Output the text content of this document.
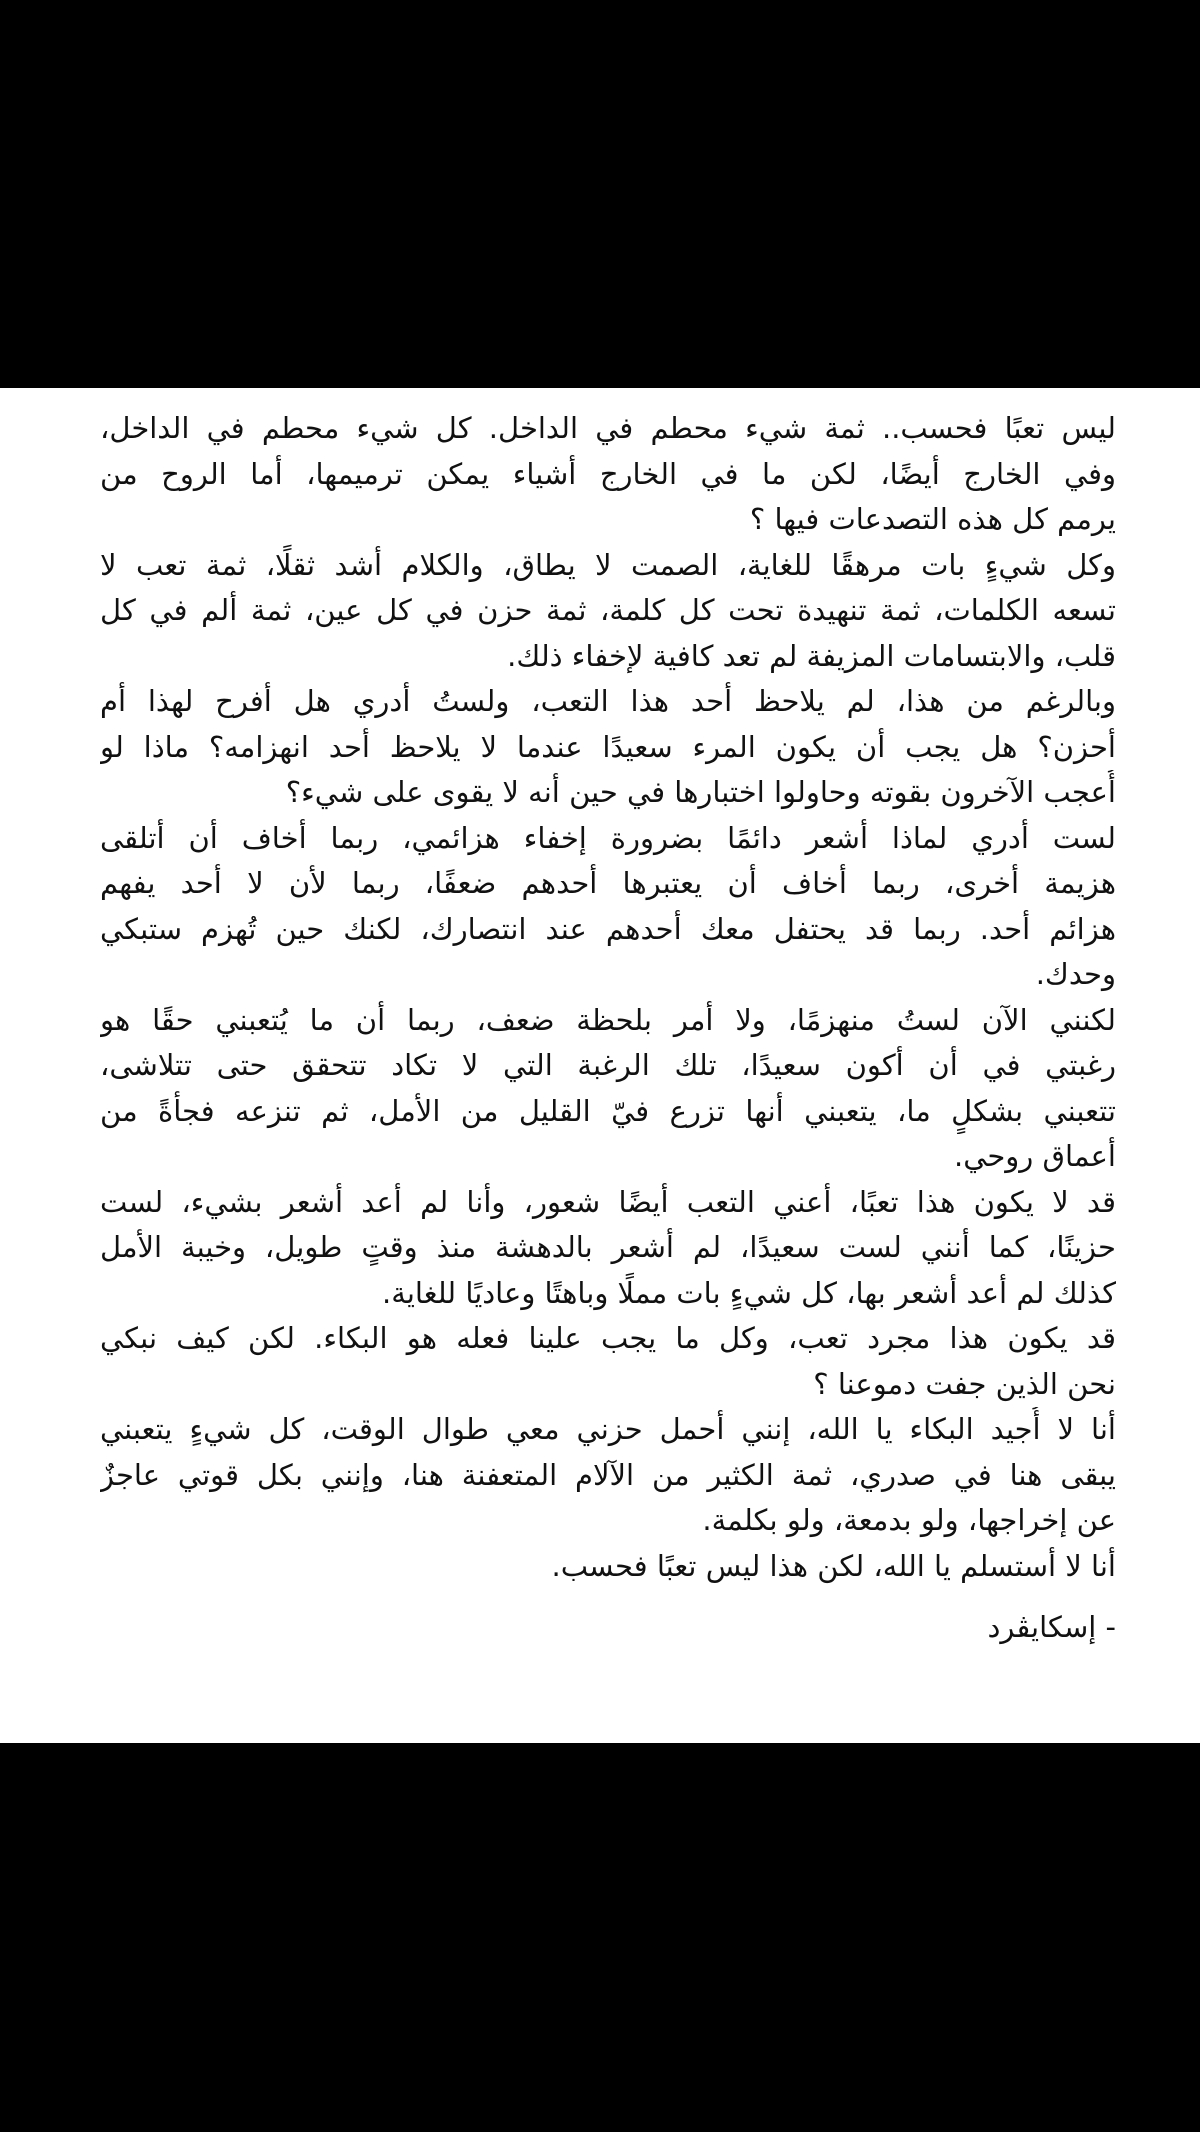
ليس تعبًا فحسب.. ثمة شيء محطم في الداخل. كل شيء محطم في الداخل،
وفي الخارج أيضًا، لكن ما في الخارج أشياء يمكن ترميمها، أما الروح من
يرمم كل هذه التصدعات فيها ؟
وكل شيءٍ بات مرهقًا للغاية، الصمت لا يطاق، والكلام أشد ثقلًا، ثمة تعب لا
تسعه الكلمات، ثمة تنهيدة تحت كل كلمة، ثمة حزن في كل عين، ثمة ألم في كل
قلب، والابتسامات المزيفة لم تعد كافية لإخفاء ذلك.
وبالرغم من هذا، لم يلاحظ أحد هذا التعب، ولستُ أدري هل أفرح لهذا أم
أحزن؟ هل يجب أن يكون المرء سعيدًا عندما لا يلاحظ أحد انهزامه؟ ماذا لو
أُعجب الآخرون بقوته وحاولوا اختبارها في حين أنه لا يقوى على شيء؟
لست أدري لماذا أشعر دائمًا بضرورة إخفاء هزائمي، ربما أخاف أن أتلقى
هزيمة أخرى، ربما أخاف أن يعتبرها أحدهم ضعفًا، ربما لأن لا أحد يفهم
هزائم أحد. ربما قد يحتفل معك أحدهم عند انتصارك، لكنك حين تُهزم ستبكي
وحدك.
لكنني الآن لستُ منهزمًا، ولا أمر بلحظة ضعف، ربما أن ما يُتعبني حقًا هو
رغبتي في أن أكون سعيدًا، تلك الرغبة التي لا تكاد تتحقق حتى تتلاشى،
تتعبني بشكلٍ ما، يتعبني أنها تزرع فيّ القليل من الأمل، ثم تنزعه فجأةً من
أعماق روحي.
قد لا يكون هذا تعبًا، أعني التعب أيضًا شعور، وأنا لم أعد أشعر بشيء، لست
حزينًا، كما أنني لست سعيدًا، لم أشعر بالدهشة منذ وقتٍ طويل، وخيبة الأمل
كذلك لم أعد أشعر بها، كل شيءٍ بات مملًا وباهتًا وعاديًا للغاية.
قد يكون هذا مجرد تعب، وكل ما يجب علينا فعله هو البكاء. لكن كيف نبكي
نحن الذين جفت دموعنا ؟
أنا لا أُجيد البكاء يا الله، إنني أحمل حزني معي طوال الوقت، كل شيءٍ يتعبني
يبقى هنا في صدري، ثمة الكثير من الآلام المتعفنة هنا، وإنني بكل قوتي عاجزٌ
عن إخراجها، ولو بدمعة، ولو بكلمة.
أنا لا أستسلم يا الله، لكن هذا ليس تعبًا فحسب.
- إسكايڤرد
